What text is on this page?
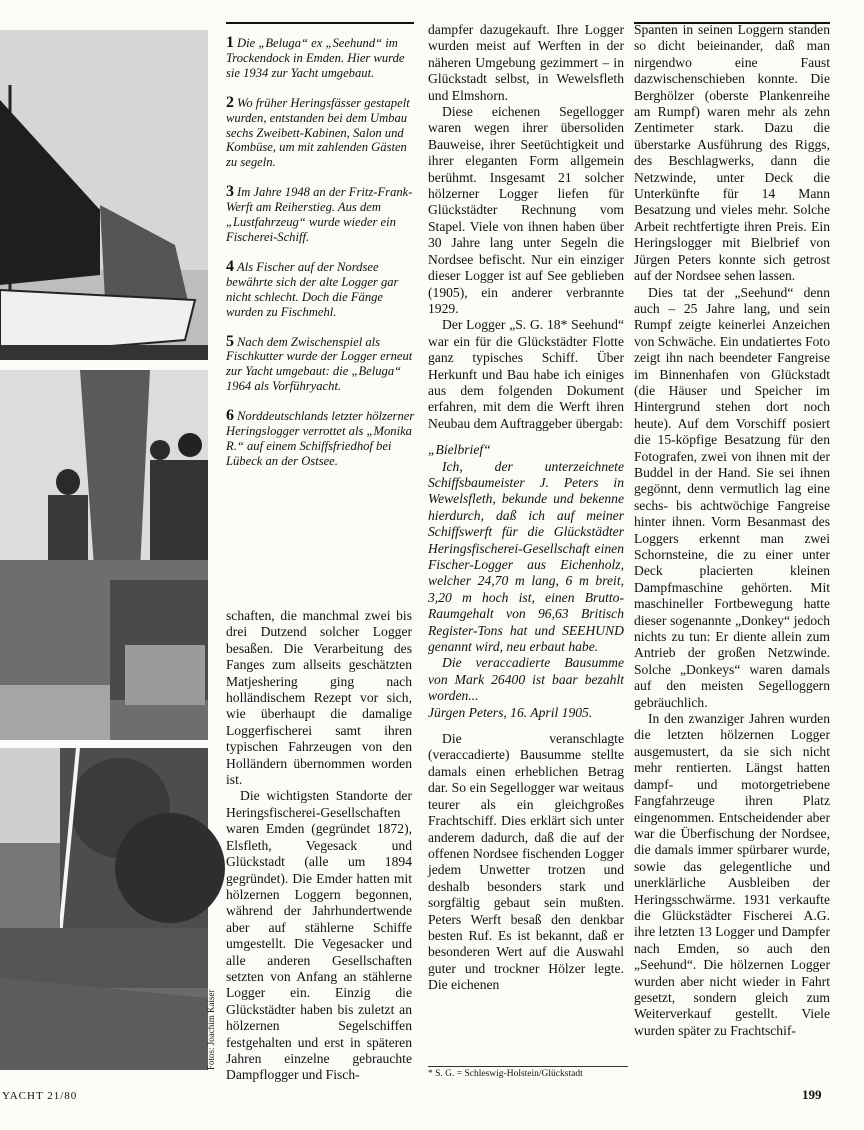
Fotos: Joachim Kaiser

1 Die „Beluga“ ex „Seehund“ im Trockendock in Emden. Hier wurde sie 1934 zur Yacht umgebaut.

2 Wo früher Heringsfässer gestapelt wurden, entstanden bei dem Umbau sechs Zweibett-Kabinen, Salon und Kombüse, um mit zahlenden Gästen zu segeln.

3 Im Jahre 1948 an der Fritz-Frank-Werft am Reiherstieg. Aus dem „Lustfahrzeug“ wurde wieder ein Fischerei-Schiff.

4 Als Fischer auf der Nordsee bewährte sich der alte Logger gar nicht schlecht. Doch die Fänge wurden zu Fischmehl.

5 Nach dem Zwischenspiel als Fischkutter wurde der Logger erneut zur Yacht umgebaut: die „Beluga“ 1964 als Vorführyacht.

6 Norddeutschlands letzter hölzerner Heringslogger verrottet als „Monika R.“ auf einem Schiffsfriedhof bei Lübeck an der Ostsee.

schaften, die manchmal zwei bis drei Dutzend solcher Logger besaßen. Die Verarbeitung des Fanges zum allseits geschätzten Matjeshering ging nach holländischem Rezept vor sich, wie überhaupt die damalige Loggerfischerei samt ihren typischen Fahrzeugen von den Holländern übernommen worden ist.

Die wichtigsten Standorte der Heringsfischerei-Gesellschaften waren Emden (gegründet 1872), Elsfleth, Vegesack und Glückstadt (alle um 1894 gegründet). Die Emder hatten mit hölzernen Loggern begonnen, während der Jahrhundertwende aber auf stählerne Schiffe umgestellt. Die Vegesacker und alle anderen Gesellschaften setzten von Anfang an stählerne Logger ein. Einzig die Glückstädter haben bis zuletzt an hölzernen Segelschiffen festgehalten und erst in späteren Jahren einzelne gebrauchte Dampflogger und Fisch-

dampfer dazugekauft. Ihre Logger wurden meist auf Werften in der näheren Umgebung gezimmert – in Glückstadt selbst, in Wewelsfleth und Elmshorn.

Diese eichenen Segellogger waren wegen ihrer übersoliden Bauweise, ihrer Seetüchtigkeit und ihrer eleganten Form allgemein berühmt. Insgesamt 21 solcher hölzerner Logger liefen für Glückstädter Rechnung vom Stapel. Viele von ihnen haben über 30 Jahre lang unter Segeln die Nordsee befischt. Nur ein einziger dieser Logger ist auf See geblieben (1905), ein anderer verbrannte 1929.

Der Logger „S. G. 18* Seehund“ war ein für die Glückstädter Flotte ganz typisches Schiff. Über Herkunft und Bau habe ich einiges aus dem folgenden Dokument erfahren, mit dem die Werft ihren Neubau dem Auftraggeber übergab:

„Bielbrief“

Ich, der unterzeichnete Schiffsbaumeister J. Peters in Wewelsfleth, bekunde und bekenne hierdurch, daß ich auf meiner Schiffswerft für die Glückstädter Heringsfischerei-Gesellschaft einen Fischer-Logger aus Eichenholz, welcher 24,70 m lang, 6 m breit, 3,20 m hoch ist, einen Brutto-Raumgehalt von 96,63 Britisch Register-Tons hat und SEEHUND genannt wird, neu erbaut habe.

Die veraccadierte Bausumme von Mark 26400 ist baar bezahlt worden...

Jürgen Peters, 16. April 1905.

Die veranschlagte (veraccadierte) Bausumme stellte damals einen erheblichen Betrag dar. So ein Segellogger war weitaus teurer als ein gleichgroßes Frachtschiff. Dies erklärt sich unter anderem dadurch, daß die auf der offenen Nordsee fischenden Logger jedem Unwetter trotzen und deshalb besonders stark und sorgfältig gebaut sein mußten. Peters Werft besaß den denkbar besten Ruf. Es ist bekannt, daß er besonderen Wert auf die Auswahl guter und trockner Hölzer legte. Die eichenen

Spanten in seinen Loggern standen so dicht beieinander, daß man nirgendwo eine Faust dazwischenschieben konnte. Die Berghölzer (oberste Plankenreihe am Rumpf) waren mehr als zehn Zentimeter stark. Dazu die überstarke Ausführung des Riggs, des Beschlagwerks, dann die Netzwinde, unter Deck die Unterkünfte für 14 Mann Besatzung und vieles mehr. Solche Arbeit rechtfertigte ihren Preis. Ein Heringslogger mit Bielbrief von Jürgen Peters konnte sich getrost auf der Nordsee sehen lassen.

Dies tat der „Seehund“ denn auch – 25 Jahre lang, und sein Rumpf zeigte keinerlei Anzeichen von Schwäche. Ein undatiertes Foto zeigt ihn nach beendeter Fangreise im Binnenhafen von Glückstadt (die Häuser und Speicher im Hintergrund stehen dort noch heute). Auf dem Vorschiff posiert die 15-köpfige Besatzung für den Fotografen, zwei von ihnen mit der Buddel in der Hand. Sie sei ihnen gegönnt, denn vermutlich lag eine sechs- bis achtwöchige Fangreise hinter ihnen. Vorm Besanmast des Loggers erkennt man zwei Schornsteine, die zu einer unter Deck placierten kleinen Dampfmaschine gehörten. Mit maschineller Fortbewegung hatte dieser sogenannte „Donkey“ jedoch nichts zu tun: Er diente allein zum Antrieb der großen Netzwinde. Solche „Donkeys“ waren damals auf den meisten Segelloggern gebräuchlich.

In den zwanziger Jahren wurden die letzten hölzernen Logger ausgemustert, da sie sich nicht mehr rentierten. Längst hatten dampf- und motorgetriebene Fangfahrzeuge ihren Platz eingenommen. Entscheidender aber war die Überfischung der Nordsee, die damals immer spürbarer wurde, sowie das gelegentliche und unerklärliche Ausbleiben der Heringsschwärme. 1931 verkaufte die Glückstädter Fischerei A.G. ihre letzten 13 Logger und Dampfer nach Emden, so auch den „Seehund“. Die hölzernen Logger wurden aber nicht wieder in Fahrt gesetzt, sondern gleich zum Weiterverkauf gestellt. Viele wurden später zu Frachtschif-

* S. G. = Schleswig-Holstein/Glückstadt
YACHT 21/80	199
